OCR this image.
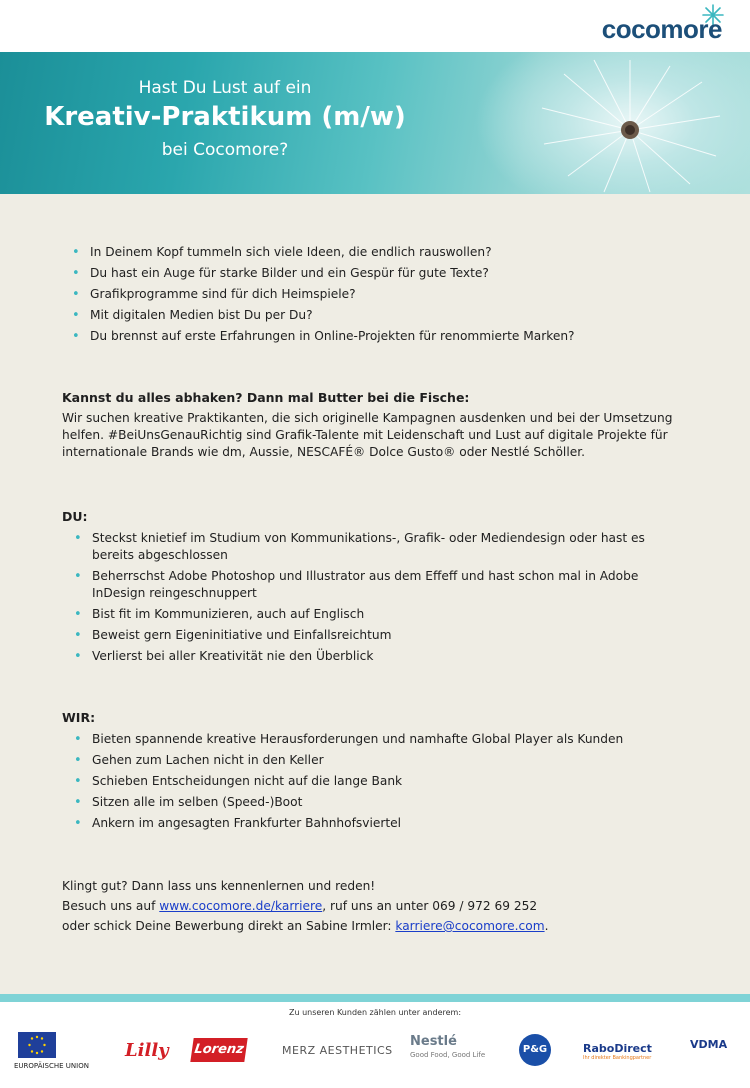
cocomore
Hast Du Lust auf ein
Kreativ-Praktikum (m/w)
bei Cocomore?
• In Deinem Kopf tummeln sich viele Ideen, die endlich rauswollen?
• Du hast ein Auge für starke Bilder und ein Gespür für gute Texte?
• Grafikprogramme sind für dich Heimspiele?
• Mit digitalen Medien bist Du per Du?
• Du brennst auf erste Erfahrungen in Online-Projekten für renommierte Marken?
Kannst du alles abhaken? Dann mal Butter bei die Fische:
Wir suchen kreative Praktikanten, die sich originelle Kampagnen ausdenken und bei der Umsetzung helfen. #BeiUnsGenauRichtig sind Grafik-Talente mit Leidenschaft und Lust auf digitale Projekte für internationale Brands wie dm, Aussie, NESCAFÉ® Dolce Gusto® oder Nestlé Schöller.
DU:
• Steckst knietief im Studium von Kommunikations-, Grafik- oder Mediendesign oder hast es bereits abgeschlossen
• Beherrschst Adobe Photoshop und Illustrator aus dem Effeff und hast schon mal in Adobe InDesign reingeschnuppert
• Bist fit im Kommunizieren, auch auf Englisch
• Beweist gern Eigeninitiative und Einfallsreichtum
• Verlierst bei aller Kreativität nie den Überblick
WIR:
• Bieten spannende kreative Herausforderungen und namhafte Global Player als Kunden
• Gehen zum Lachen nicht in den Keller
• Schieben Entscheidungen nicht auf die lange Bank
• Sitzen alle im selben (Speed-)Boot
• Ankern im angesagten Frankfurter Bahnhofsviertel
Klingt gut? Dann lass uns kennenlernen und reden!
Besuch uns auf www.cocomore.de/karriere, ruf uns an unter 069 / 972 69 252
oder schick Deine Bewerbung direkt an Sabine Irmler: karriere@cocomore.com.
Zu unseren Kunden zählen unter anderem:
EUROPÄISCHE UNION
Lilly Lorenz	MERZ AESTHETICS
Nestlé
Good Food, Good Life	P&G	RaboDirect
Ihr direkter Bankingpartner
VDMA
